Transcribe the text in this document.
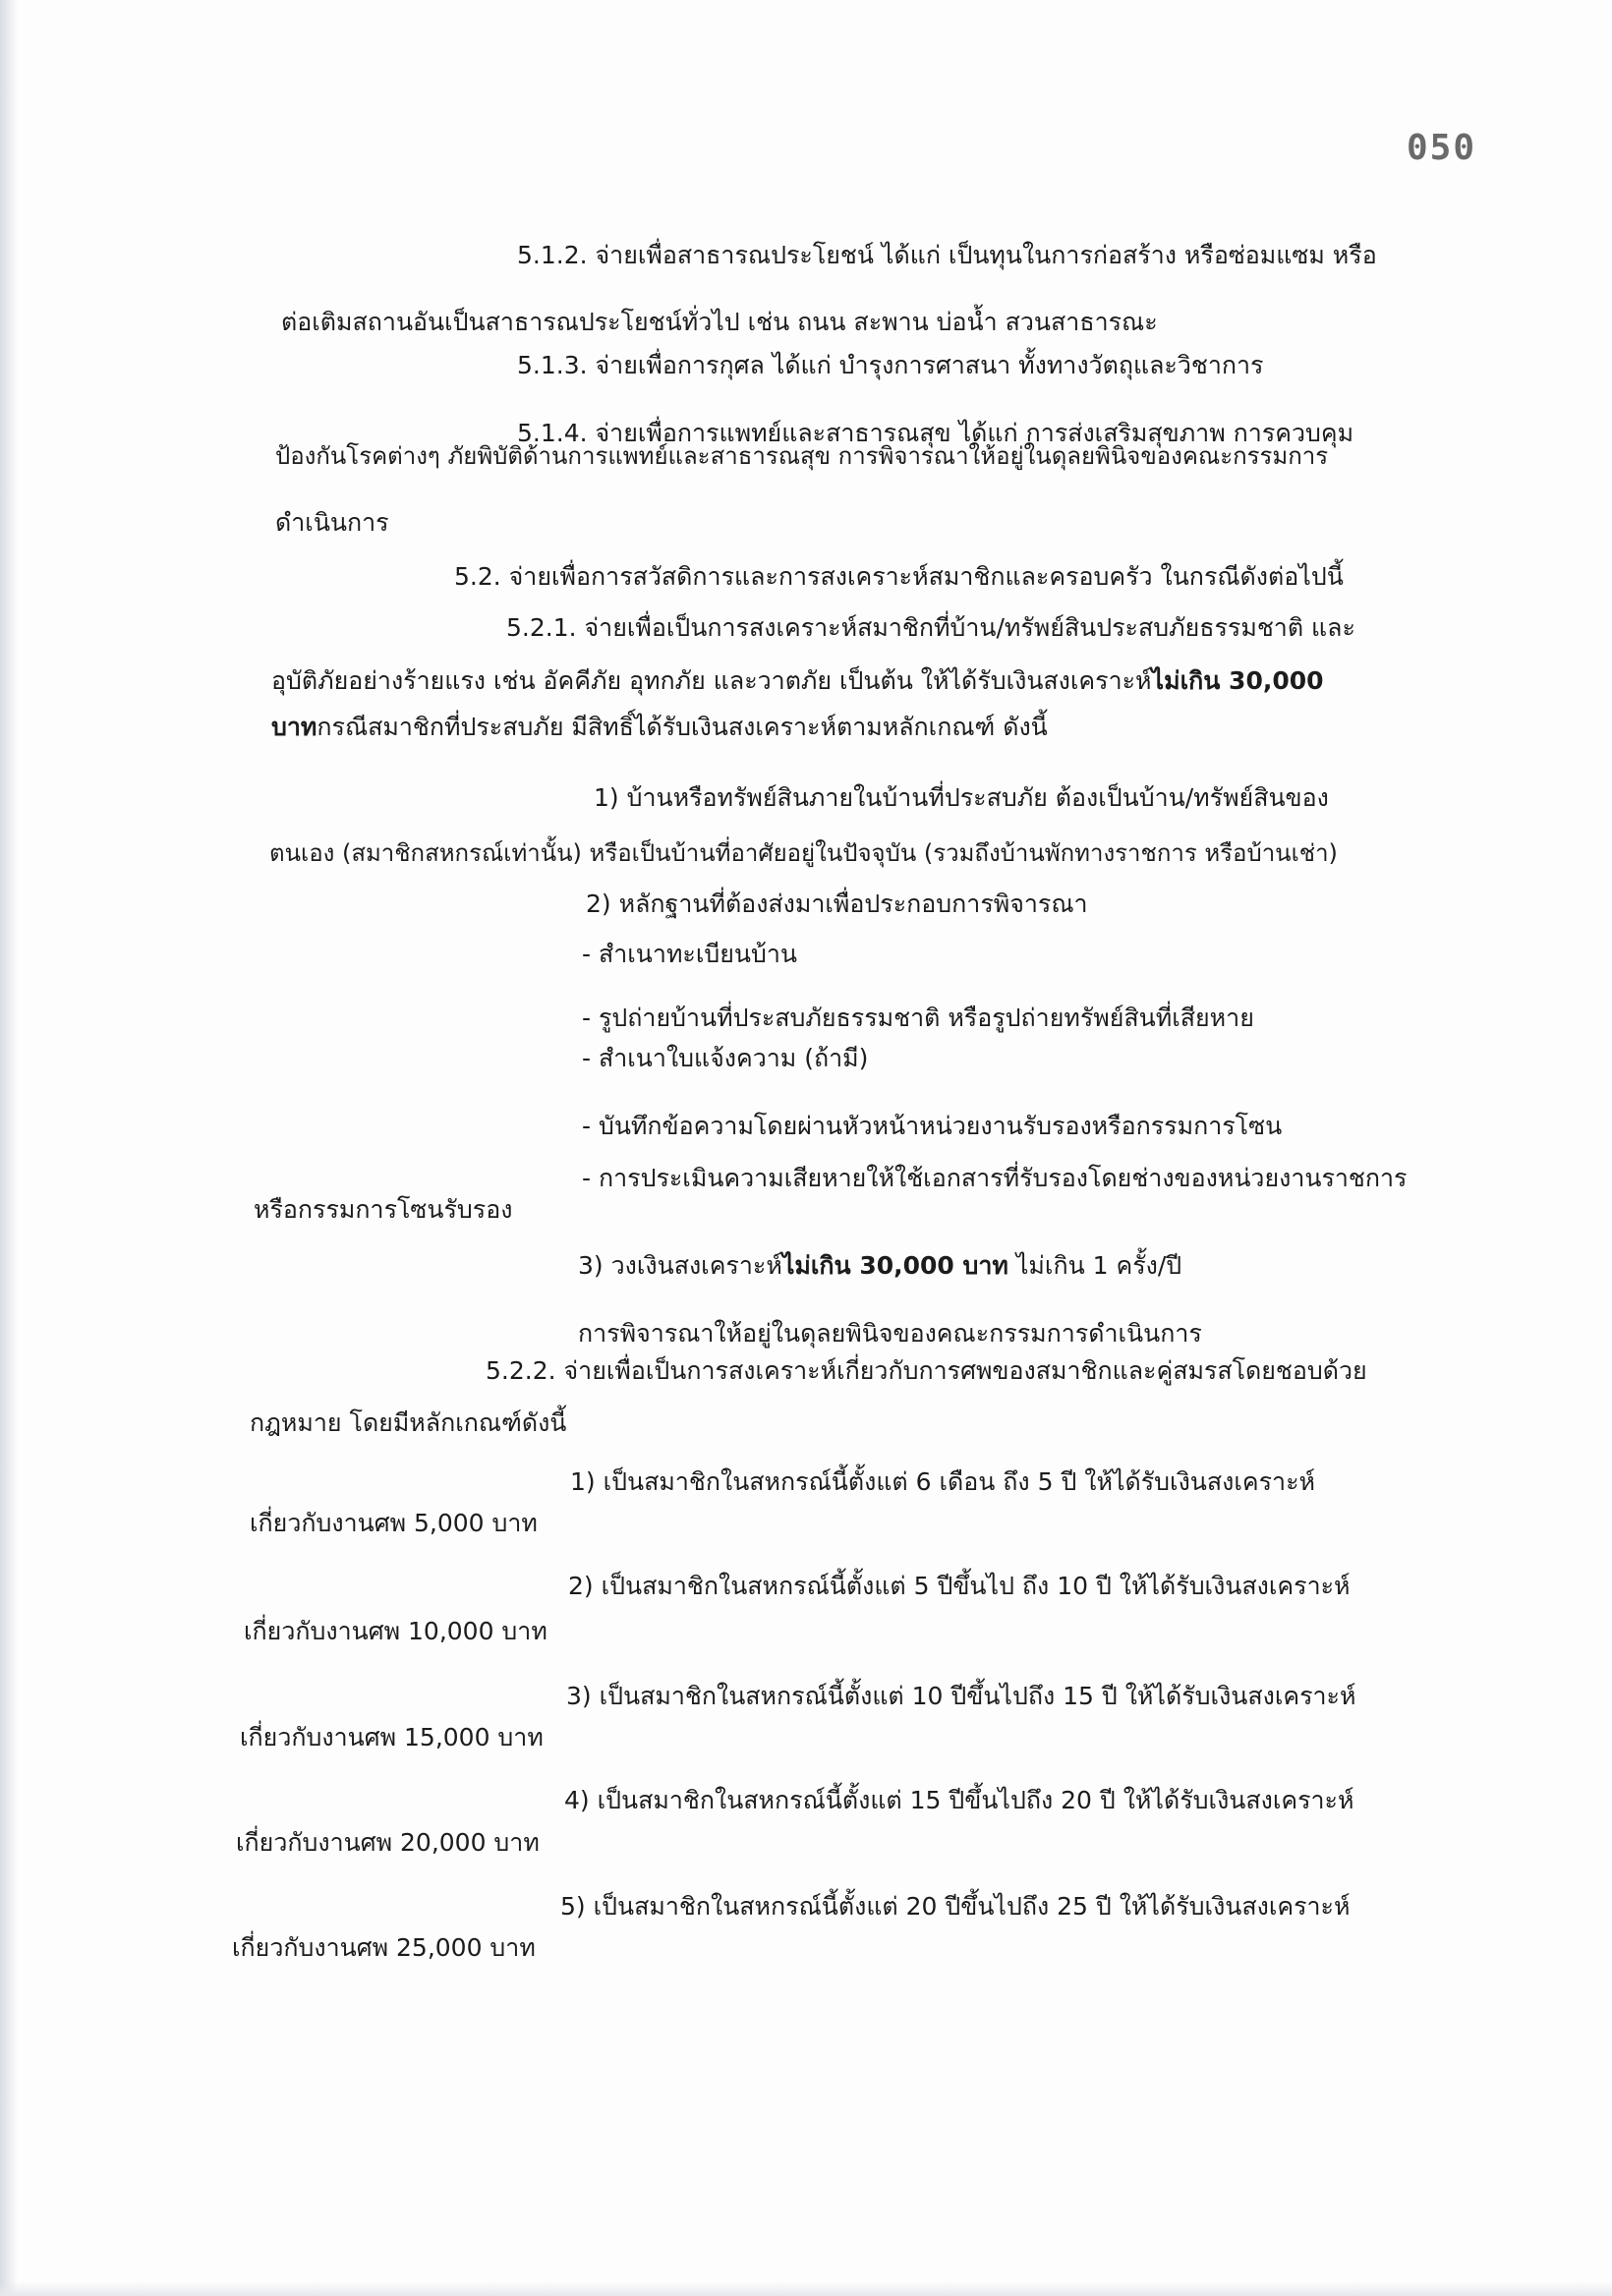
050
5.1.2. จ่ายเพื่อสาธารณประโยชน์ ได้แก่ เป็นทุนในการก่อสร้าง หรือซ่อมแซม หรือ
ต่อเติมสถานอันเป็นสาธารณประโยชน์ทั่วไป เช่น ถนน สะพาน บ่อน้ำ สวนสาธารณะ
5.1.3. จ่ายเพื่อการกุศล ได้แก่ บำรุงการศาสนา ทั้งทางวัตถุและวิชาการ
5.1.4. จ่ายเพื่อการแพทย์และสาธารณสุข ได้แก่ การส่งเสริมสุขภาพ การควบคุม
ป้องกันโรคต่างๆ ภัยพิบัติด้านการแพทย์และสาธารณสุข การพิจารณาให้อยู่ในดุลยพินิจของคณะกรรมการ
ดำเนินการ
5.2. จ่ายเพื่อการสวัสดิการและการสงเคราะห์สมาชิกและครอบครัว ในกรณีดังต่อไปนี้
5.2.1. จ่ายเพื่อเป็นการสงเคราะห์สมาชิกที่บ้าน/ทรัพย์สินประสบภัยธรรมชาติ และ
อุบัติภัยอย่างร้ายแรง เช่น อัคคีภัย อุทกภัย และวาตภัย เป็นต้น ให้ได้รับเงินสงเคราะห์ไม่เกิน 30,000
บาทกรณีสมาชิกที่ประสบภัย มีสิทธิ์ได้รับเงินสงเคราะห์ตามหลักเกณฑ์ ดังนี้
1) บ้านหรือทรัพย์สินภายในบ้านที่ประสบภัย ต้องเป็นบ้าน/ทรัพย์สินของ
ตนเอง (สมาชิกสหกรณ์เท่านั้น) หรือเป็นบ้านที่อาศัยอยู่ในปัจจุบัน (รวมถึงบ้านพักทางราชการ หรือบ้านเช่า)
2) หลักฐานที่ต้องส่งมาเพื่อประกอบการพิจารณา
- สำเนาทะเบียนบ้าน
- รูปถ่ายบ้านที่ประสบภัยธรรมชาติ หรือรูปถ่ายทรัพย์สินที่เสียหาย
- สำเนาใบแจ้งความ (ถ้ามี)
- บันทึกข้อความโดยผ่านหัวหน้าหน่วยงานรับรองหรือกรรมการโซน
- การประเมินความเสียหายให้ใช้เอกสารที่รับรองโดยช่างของหน่วยงานราชการ
หรือกรรมการโซนรับรอง
3) วงเงินสงเคราะห์ไม่เกิน 30,000 บาท ไม่เกิน 1 ครั้ง/ปี
การพิจารณาให้อยู่ในดุลยพินิจของคณะกรรมการดำเนินการ
5.2.2. จ่ายเพื่อเป็นการสงเคราะห์เกี่ยวกับการศพของสมาชิกและคู่สมรสโดยชอบด้วย
กฎหมาย โดยมีหลักเกณฑ์ดังนี้
1) เป็นสมาชิกในสหกรณ์นี้ตั้งแต่ 6 เดือน ถึง 5 ปี ให้ได้รับเงินสงเคราะห์
เกี่ยวกับงานศพ 5,000 บาท
2) เป็นสมาชิกในสหกรณ์นี้ตั้งแต่ 5 ปีขึ้นไป ถึง 10 ปี ให้ได้รับเงินสงเคราะห์
เกี่ยวกับงานศพ 10,000 บาท
3) เป็นสมาชิกในสหกรณ์นี้ตั้งแต่ 10 ปีขึ้นไปถึง 15 ปี ให้ได้รับเงินสงเคราะห์
เกี่ยวกับงานศพ 15,000 บาท
4) เป็นสมาชิกในสหกรณ์นี้ตั้งแต่ 15 ปีขึ้นไปถึง 20 ปี ให้ได้รับเงินสงเคราะห์
เกี่ยวกับงานศพ 20,000 บาท
5) เป็นสมาชิกในสหกรณ์นี้ตั้งแต่ 20 ปีขึ้นไปถึง 25 ปี ให้ได้รับเงินสงเคราะห์
เกี่ยวกับงานศพ 25,000 บาท
